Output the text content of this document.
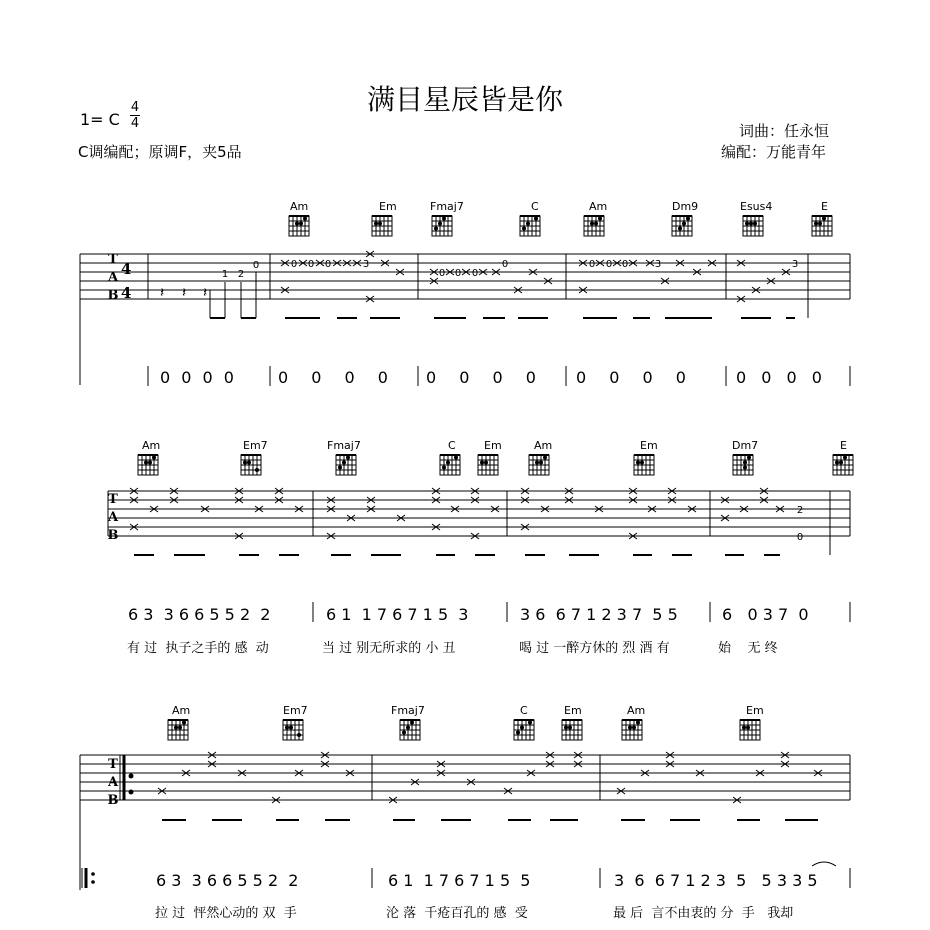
满目星辰皆是你
1= C
4
4
C调编配；原调F，夹5品
词曲：任永恒
编配：万能青年
T
A
B
T
A
B
T
A
B
4
4
1 2
0	0 0 0	3
0 0 0
0	0 0 0	3	3
𝄽 𝄽 𝄽
2
0
Am	Em	Fmaj7	C	Am	Dm9	Esus4	E
Am	Em7	Fmaj7	C	Em	Am	Em	Dm7	E
Am	Em7	Fmaj7	C	Em	Am	Em
0 0 0 0	0 0 0 0 0 0 0 0	0 0 0 0	0 0 0 0
6 3  3 6 6 5 5 2  2	6 1  1 7 6 7 1 5  3	3 6  6 7 1 2 3 7  5 5	6   0 3 7  0
有 过  执子之手的 感  动	当 过 别无所求的 小 丑	喝 过 一醉方休的 烈 酒 有	始    无 终
6 3  3 6 6 5 5 2  2	6 1  1 7 6 7 1 5  5	3  6  6 7 1 2 3  5   5 3 3 5
拉 过  怦然心动的 双  手	沦 落  千疮百孔的 感  受	最 后  言不由衷的 分  手   我却
